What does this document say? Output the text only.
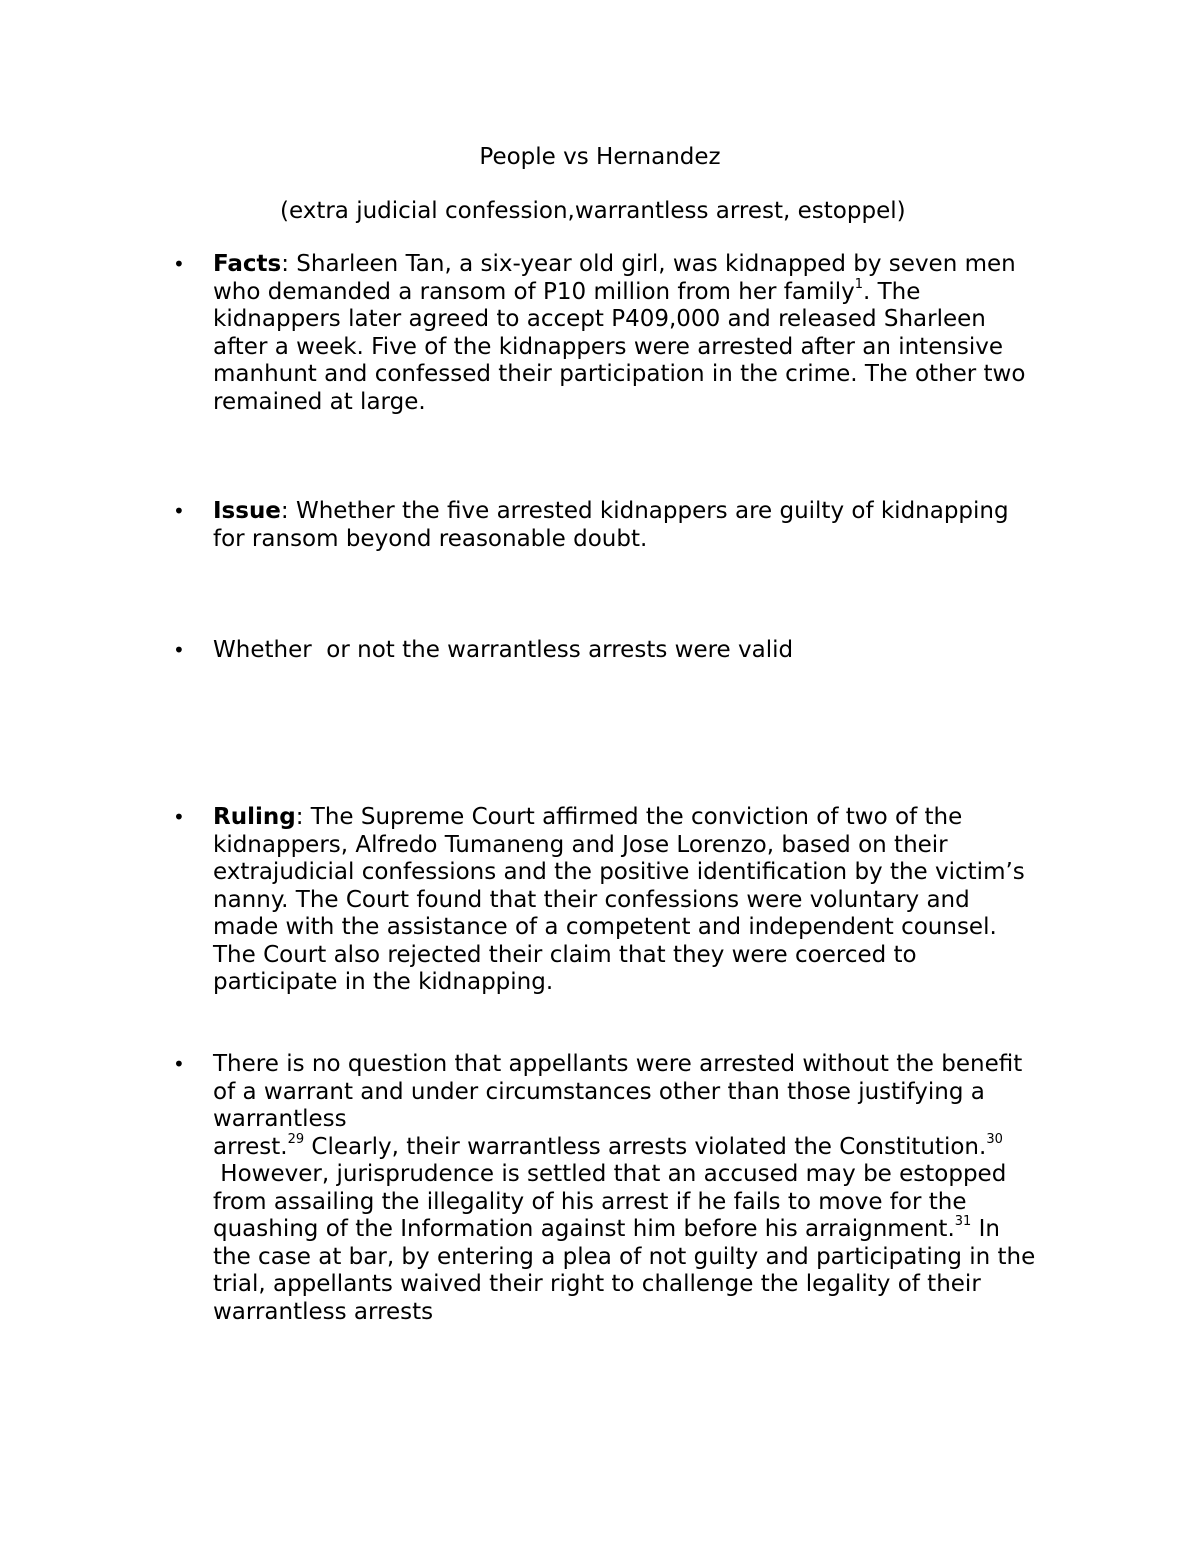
People vs Hernandez
(extra judicial confession,warrantless arrest, estoppel)
• Facts: Sharleen Tan, a six-year old girl, was kidnapped by seven men
who demanded a ransom of P10 million from her family$^1$. The
kidnappers later agreed to accept P409,000 and released Sharleen
after a week. Five of the kidnappers were arrested after an intensive
manhunt and confessed their participation in the crime. The other two
remained at large.
• Issue: Whether the five arrested kidnappers are guilty of kidnapping
for ransom beyond reasonable doubt.
• Whether  or not the warrantless arrests were valid
• Ruling: The Supreme Court affirmed the conviction of two of the
kidnappers, Alfredo Tumaneng and Jose Lorenzo, based on their
extrajudicial confessions and the positive identification by the victim’s
nanny. The Court found that their confessions were voluntary and
made with the assistance of a competent and independent counsel.
The Court also rejected their claim that they were coerced to
participate in the kidnapping.
• There is no question that appellants were arrested without the benefit
of a warrant and under circumstances other than those justifying a
warrantless
arrest.$^{29}$ Clearly, their warrantless arrests violated the Constitution.$^{30}$
However, jurisprudence is settled that an accused may be estopped
from assailing the illegality of his arrest if he fails to move for the
quashing of the Information against him before his arraignment.$^{31}$ In
the case at bar, by entering a plea of not guilty and participating in the
trial, appellants waived their right to challenge the legality of their
warrantless arrests
